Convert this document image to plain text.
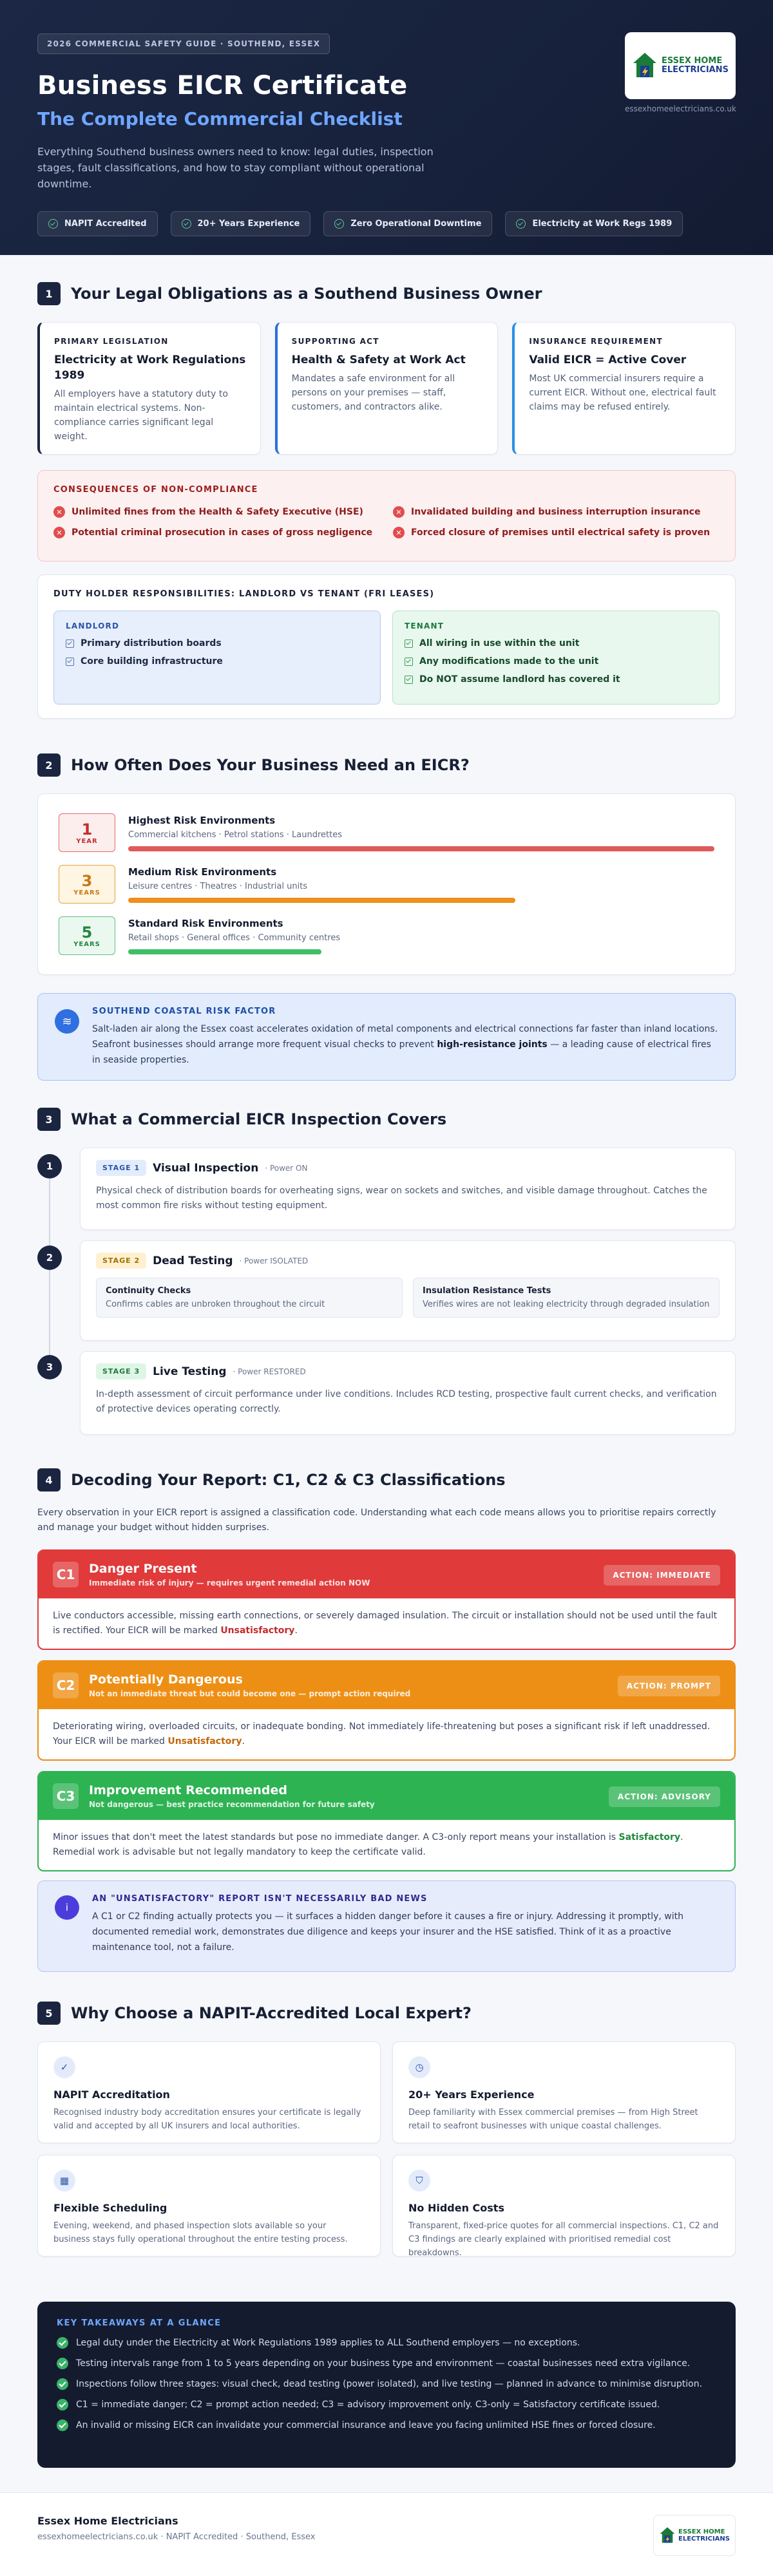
2026 COMMERCIAL SAFETY GUIDE · SOUTHEND, ESSEX
Business EICR Certificate
The Complete Commercial Checklist

Everything Southend business owners need to know: legal duties, inspection stages, fault classifications, and how to stay compliant without operational downtime.

NAPIT Accredited	20+ Years Experience	Zero Operational Downtime	Electricity at Work Regs 1989
ESSEX HOME
ELECTRICIANS
essexhomeelectricians.co.uk
1	Your Legal Obligations as a Southend Business Owner
PRIMARY LEGISLATION
Electricity at Work Regulations 1989
All employers have a statutory duty to maintain electrical systems. Non-compliance carries significant legal weight.
SUPPORTING ACT
Health & Safety at Work Act
Mandates a safe environment for all persons on your premises — staff, customers, and contractors alike.
INSURANCE REQUIREMENT
Valid EICR = Active Cover
Most UK commercial insurers require a current EICR. Without one, electrical fault claims may be refused entirely.
CONSEQUENCES OF NON-COMPLIANCE
✕	Unlimited fines from the Health & Safety Executive (HSE)	✕	Invalidated building and business interruption insurance
✕	Potential criminal prosecution in cases of gross negligence	✕	Forced closure of premises until electrical safety is proven
DUTY HOLDER RESPONSIBILITIES: LANDLORD VS TENANT (FRI LEASES)
LANDLORD
Primary distribution boards
Core building infrastructure
TENANT
All wiring in use within the unit
Any modifications made to the unit
Do NOT assume landlord has covered it
2	How Often Does Your Business Need an EICR?
1
YEAR
Highest Risk Environments
Commercial kitchens · Petrol stations · Laundrettes
3
YEARS
Medium Risk Environments
Leisure centres · Theatres · Industrial units
5
YEARS
Standard Risk Environments
Retail shops · General offices · Community centres
≋
SOUTHEND COASTAL RISK FACTOR
Salt-laden air along the Essex coast accelerates oxidation of metal components and electrical connections far faster than inland locations. Seafront businesses should arrange more frequent visual checks to prevent high-resistance joints — a leading cause of electrical fires in seaside properties.
3	What a Commercial EICR Inspection Covers
1	STAGE 1	Visual Inspection · Power ON
Physical check of distribution boards for overheating signs, wear on sockets and switches, and visible damage throughout. Catches the most common fire risks without testing equipment.
2	STAGE 2	Dead Testing · Power ISOLATED
Continuity Checks
Confirms cables are unbroken throughout the circuit
Insulation Resistance Tests
Verifies wires are not leaking electricity through degraded insulation
3	STAGE 3	Live Testing · Power RESTORED
In-depth assessment of circuit performance under live conditions. Includes RCD testing, prospective fault current checks, and verification of protective devices operating correctly.
4	Decoding Your Report: C1, C2 & C3 Classifications

Every observation in your EICR report is assigned a classification code. Understanding what each code means allows you to prioritise repairs correctly and manage your budget without hidden surprises.

C1	Danger Present
Immediate risk of injury — requires urgent remedial action NOW
ACTION: IMMEDIATE
Live conductors accessible, missing earth connections, or severely damaged insulation. The circuit or installation should not be used until the fault is rectified. Your EICR will be marked Unsatisfactory.
C2	Potentially Dangerous
Not an immediate threat but could become one — prompt action required
ACTION: PROMPT
Deteriorating wiring, overloaded circuits, or inadequate bonding. Not immediately life-threatening but poses a significant risk if left unaddressed. Your EICR will be marked Unsatisfactory.
C3	Improvement Recommended
Not dangerous — best practice recommendation for future safety
ACTION: ADVISORY
Minor issues that don't meet the latest standards but pose no immediate danger. A C3-only report means your installation is Satisfactory. Remedial work is advisable but not legally mandatory to keep the certificate valid.
i
AN "UNSATISFACTORY" REPORT ISN'T NECESSARILY BAD NEWS
A C1 or C2 finding actually protects you — it surfaces a hidden danger before it causes a fire or injury. Addressing it promptly, with documented remedial work, demonstrates due diligence and keeps your insurer and the HSE satisfied. Think of it as a proactive maintenance tool, not a failure.
5	Why Choose a NAPIT-Accredited Local Expert?
✓
NAPIT Accreditation
Recognised industry body accreditation ensures your certificate is legally valid and accepted by all UK insurers and local authorities.
◷
20+ Years Experience
Deep familiarity with Essex commercial premises — from High Street retail to seafront businesses with unique coastal challenges.
▦
Flexible Scheduling
Evening, weekend, and phased inspection slots available so your business stays fully operational throughout the entire testing process.
⛉
No Hidden Costs
Transparent, fixed-price quotes for all commercial inspections. C1, C2 and C3 findings are clearly explained with prioritised remedial cost breakdowns.
KEY TAKEAWAYS AT A GLANCE
Legal duty under the Electricity at Work Regulations 1989 applies to ALL Southend employers — no exceptions.
Testing intervals range from 1 to 5 years depending on your business type and environment — coastal businesses need extra vigilance.
Inspections follow three stages: visual check, dead testing (power isolated), and live testing — planned in advance to minimise disruption.
C1 = immediate danger; C2 = prompt action needed; C3 = advisory improvement only. C3-only = Satisfactory certificate issued.
An invalid or missing EICR can invalidate your commercial insurance and leave you facing unlimited HSE fines or forced closure.
Essex Home Electricians
essexhomeelectricians.co.uk · NAPIT Accredited · Southend, Essex
ESSEX HOME
ELECTRICIANS
